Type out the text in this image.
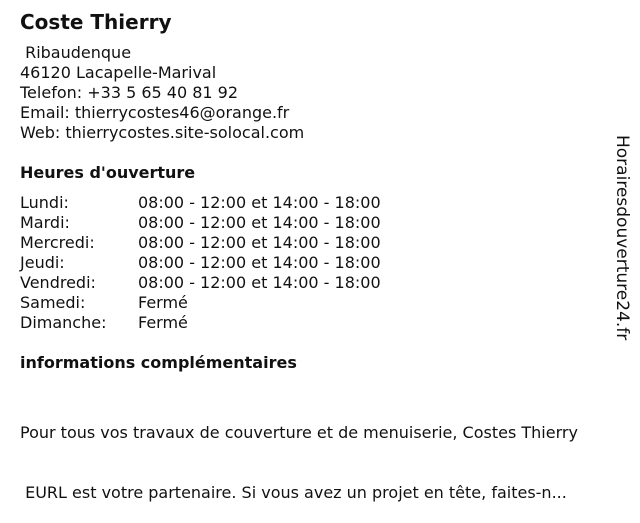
Coste Thierry
Ribaudenque
46120 Lacapelle-Marival
Telefon: +33 5 65 40 81 92
Email: thierrycostes46@orange.fr
Web: thierrycostes.site-solocal.com
Heures d'ouverture
Lundi:	08:00 - 12:00 et 14:00 - 18:00
Mardi:	08:00 - 12:00 et 14:00 - 18:00
Mercredi:	08:00 - 12:00 et 14:00 - 18:00
Jeudi:	08:00 - 12:00 et 14:00 - 18:00
Vendredi:	08:00 - 12:00 et 14:00 - 18:00
Samedi:	Fermé
Dimanche:	Fermé
informations complémentaires

Pour tous vos travaux de couverture et de menuiserie, Costes Thierry

EURL est votre partenaire. Si vous avez un projet en tête, faites-n...

Horairesdouverture24.fr
